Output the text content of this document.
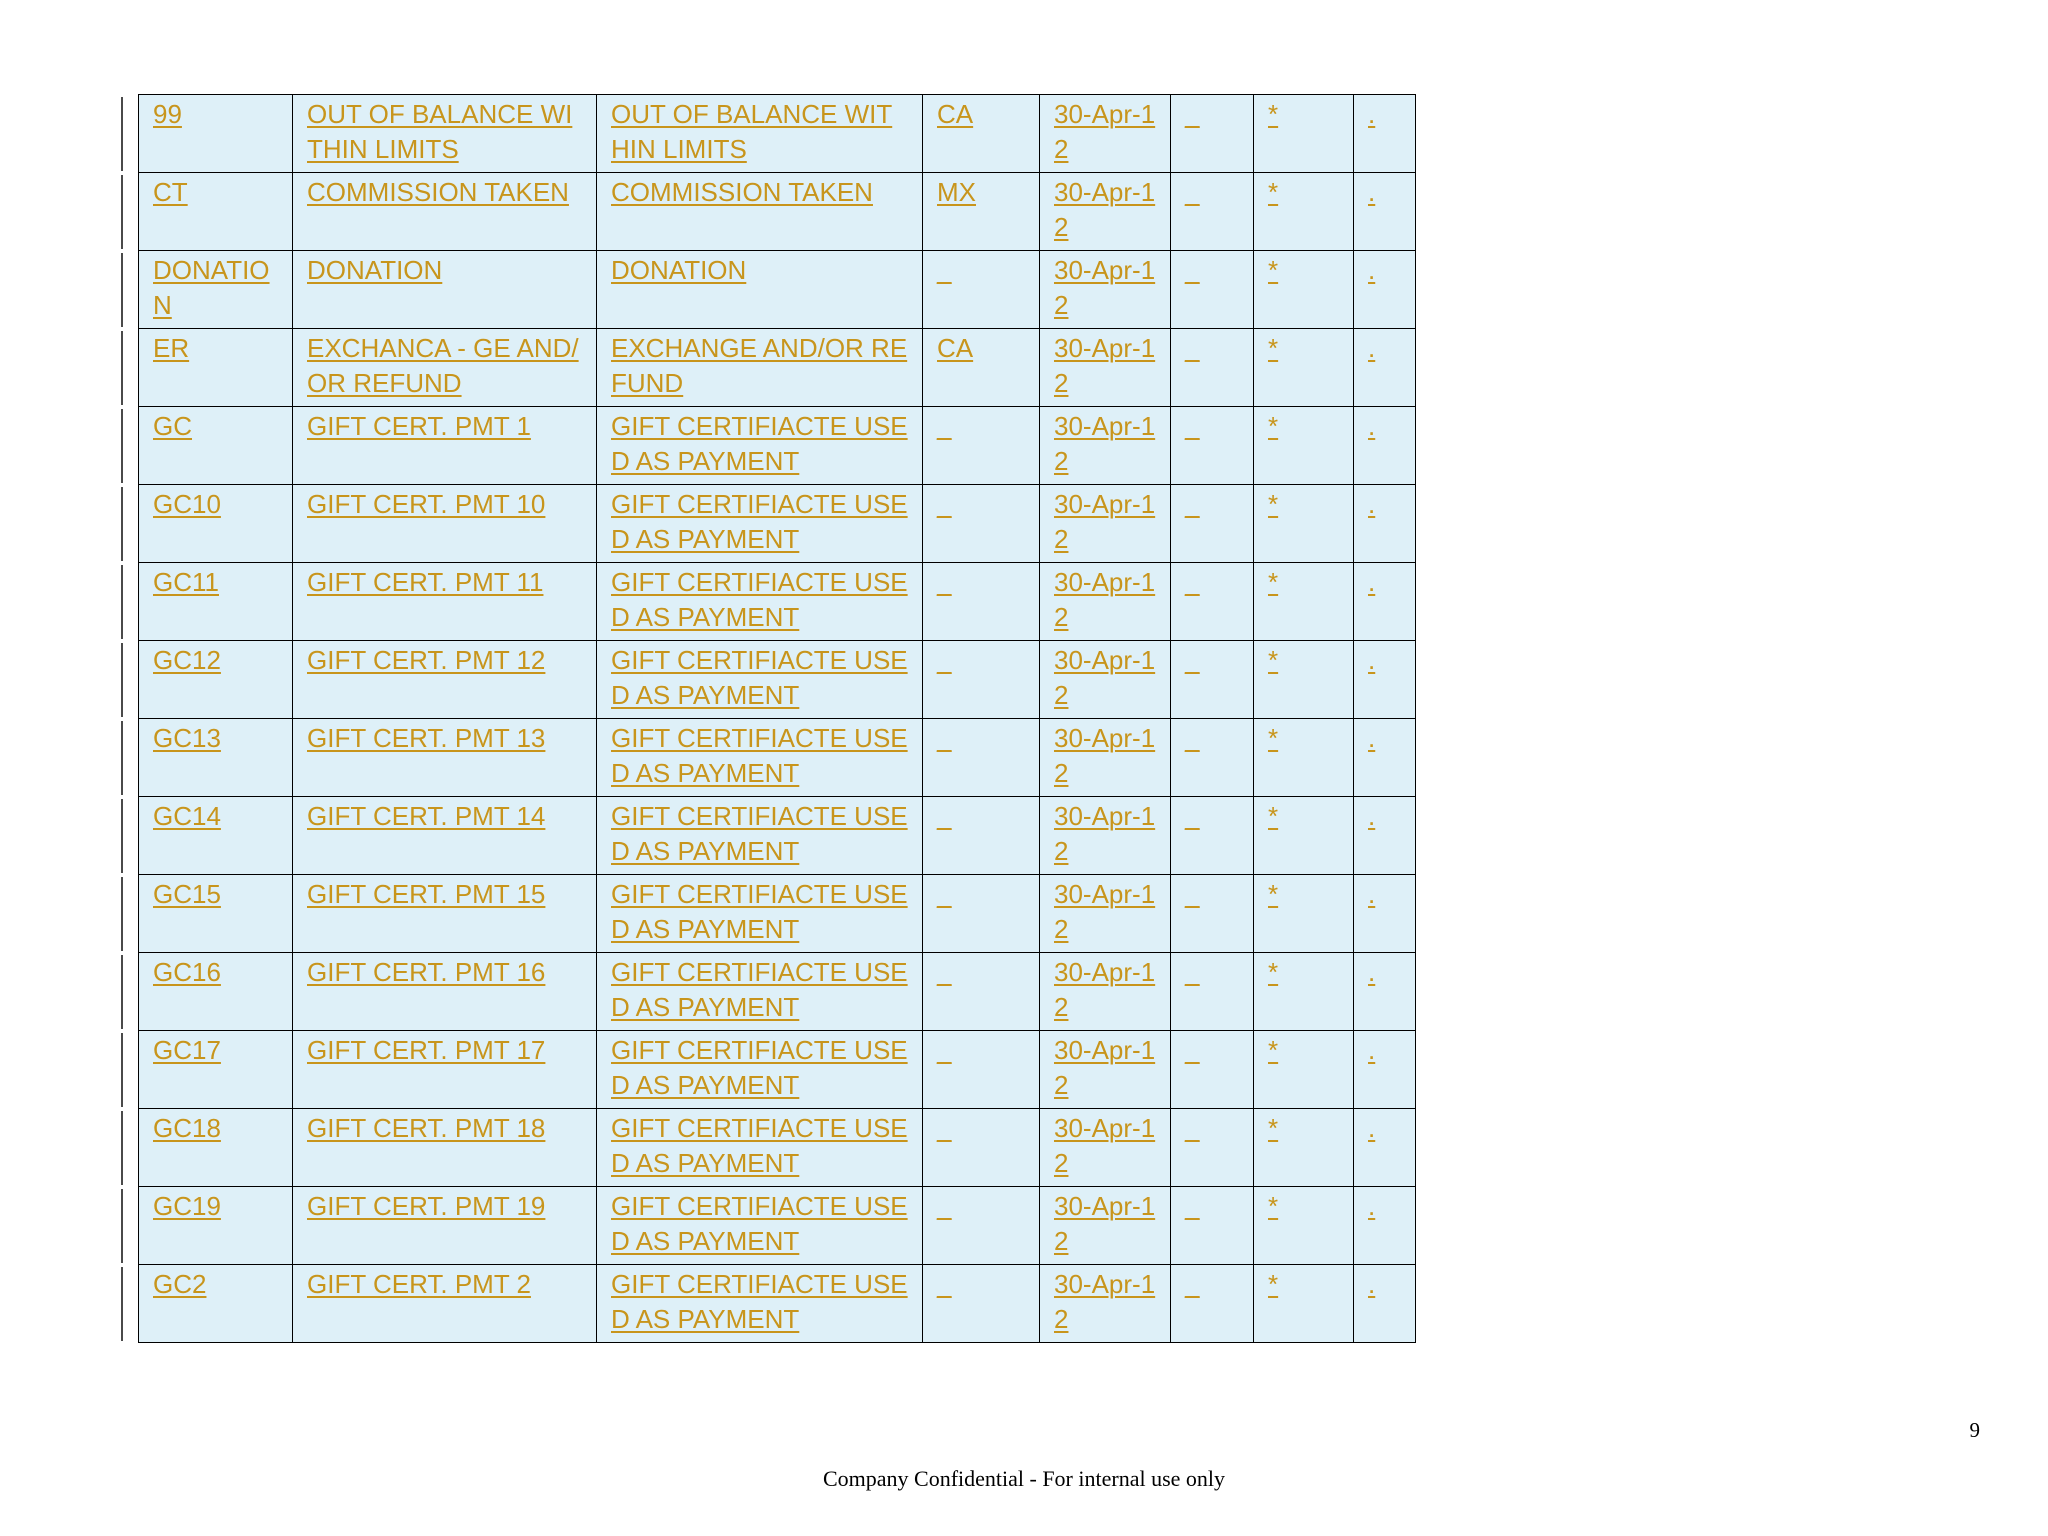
99	OUT OF BALANCE WITHIN LIMITS	OUT OF BALANCE WITHIN LIMITS	CA	30-Apr-12	_	*	.
CT	COMMISSION TAKEN	COMMISSION TAKEN	MX	30-Apr-12	_	*	.
DONATION	DONATION	DONATION	_	30-Apr-12	_	*	.
ER	EXCHANCA - GE AND/OR REFUND	EXCHANGE AND/OR REFUND	CA	30-Apr-12	_	*	.
GC	GIFT CERT. PMT 1	GIFT CERTIFIACTE USED AS PAYMENT	_	30-Apr-12	_	*	.
GC10	GIFT CERT. PMT 10	GIFT CERTIFIACTE USED AS PAYMENT	_	30-Apr-12	_	*	.
GC11	GIFT CERT. PMT 11	GIFT CERTIFIACTE USED AS PAYMENT	_	30-Apr-12	_	*	.
GC12	GIFT CERT. PMT 12	GIFT CERTIFIACTE USED AS PAYMENT	_	30-Apr-12	_	*	.
GC13	GIFT CERT. PMT 13	GIFT CERTIFIACTE USED AS PAYMENT	_	30-Apr-12	_	*	.
GC14	GIFT CERT. PMT 14	GIFT CERTIFIACTE USED AS PAYMENT	_	30-Apr-12	_	*	.
GC15	GIFT CERT. PMT 15	GIFT CERTIFIACTE USED AS PAYMENT	_	30-Apr-12	_	*	.
GC16	GIFT CERT. PMT 16	GIFT CERTIFIACTE USED AS PAYMENT	_	30-Apr-12	_	*	.
GC17	GIFT CERT. PMT 17	GIFT CERTIFIACTE USED AS PAYMENT	_	30-Apr-12	_	*	.
GC18	GIFT CERT. PMT 18	GIFT CERTIFIACTE USED AS PAYMENT	_	30-Apr-12	_	*	.
GC19	GIFT CERT. PMT 19	GIFT CERTIFIACTE USED AS PAYMENT	_	30-Apr-12	_	*	.
GC2	GIFT CERT. PMT 2	GIFT CERTIFIACTE USED AS PAYMENT	_	30-Apr-12	_	*	.
9
Company Confidential - For internal use only
